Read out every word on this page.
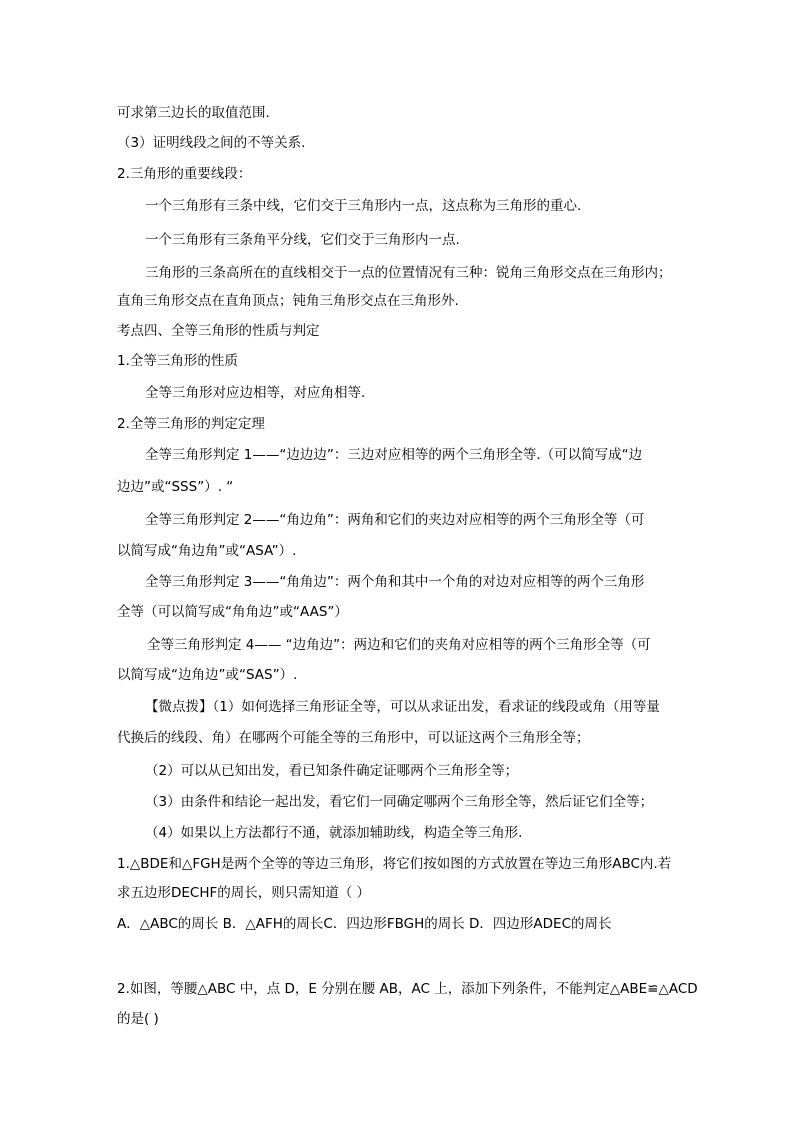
可求第三边长的取值范围.
（3）证明线段之间的不等关系.
2.三角形的重要线段：
一个三角形有三条中线，它们交于三角形内一点，这点称为三角形的重心.
一个三角形有三条角平分线，它们交于三角形内一点.
三角形的三条高所在的直线相交于一点的位置情况有三种：锐角三角形交点在三角形内；
直角三角形交点在直角顶点；钝角三角形交点在三角形外.
考点四、全等三角形的性质与判定
1.全等三角形的性质
全等三角形对应边相等，对应角相等.
2.全等三角形的判定定理
全等三角形判定 1——“边边边”：三边对应相等的两个三角形全等.（可以简写成“边
边边”或“SSS”）. “
全等三角形判定 2——“角边角”：两角和它们的夹边对应相等的两个三角形全等（可
以简写成“角边角”或“ASA”）.
全等三角形判定 3——“角角边”：两个角和其中一个角的对边对应相等的两个三角形
全等（可以简写成“角角边”或“AAS”）
全等三角形判定 4—— “边角边”：两边和它们的夹角对应相等的两个三角形全等（可
以简写成“边角边”或“SAS”）.
【微点拨】（1）如何选择三角形证全等，可以从求证出发，看求证的线段或角（用等量
代换后的线段、角）在哪两个可能全等的三角形中，可以证这两个三角形全等；
（2）可以从已知出发，看已知条件确定证哪两个三角形全等；
（3）由条件和结论一起出发，看它们一同确定哪两个三角形全等，然后证它们全等；
（4）如果以上方法都行不通，就添加辅助线，构造全等三角形.
1.△BDE和△FGH是两个全等的等边三角形，将它们按如图的方式放置在等边三角形ABC内.若
求五边形DECHF的周长，则只需知道（ ）
A．△ABC的周长 B．△AFH的周长C．四边形FBGH的周长 D．四边形ADEC的周长
2.如图，等腰△ABC 中，点 D，E 分别在腰 AB，AC 上，添加下列条件，不能判定△ABE≌△ACD
的是( )
